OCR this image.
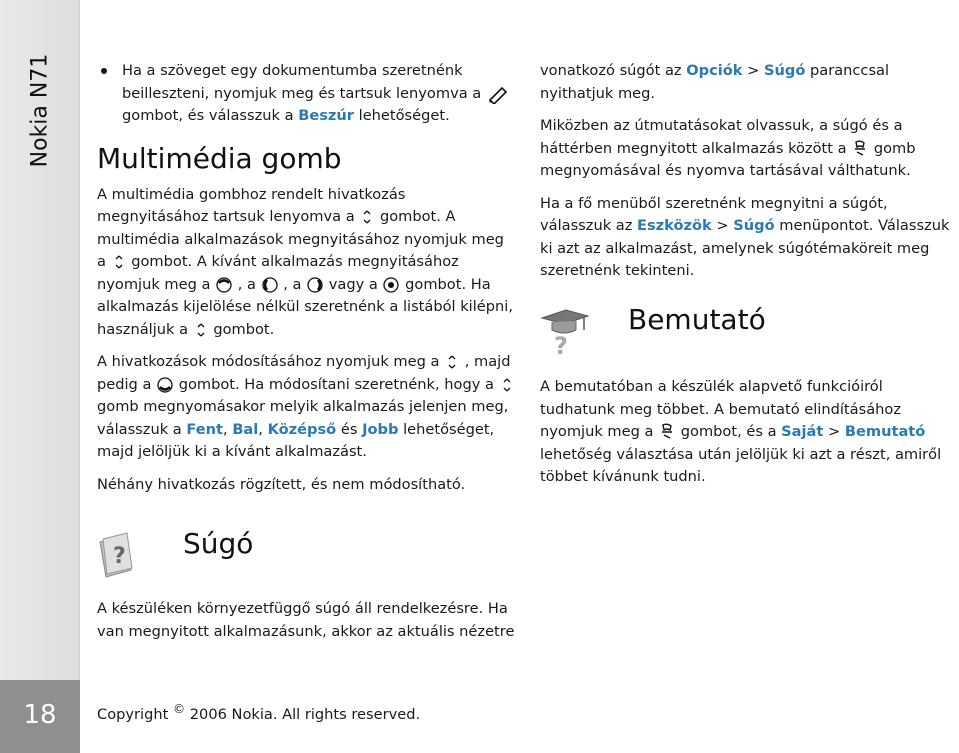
Nokia N71
18

Ha a szöveget egy dokumentumba szeretnénk beilleszteni, nyomjuk meg és tartsuk lenyomva a  gombot, és válasszuk a Beszúr lehetőséget.

Multimédia gomb

A multimédia gombhoz rendelt hivatkozás megnyitásához tartsuk lenyomva a gombot. A multimédia alkalmazások megnyitásához nyomjuk meg a gombot. A kívánt alkalmazás megnyitásához nyomjuk meg a , a , a vagy a gombot. Ha alkalmazás kijelölése nélkül szeretnénk a listából kilépni, használjuk a gombot.

A hivatkozások módosításához nyomjuk meg a , majd pedig a gombot. Ha módosítani szeretnénk, hogy a  gomb megnyomásakor melyik alkalmazás jelenjen meg, válasszuk a Fent, Bal, Középső és Jobb lehetőséget, majd jelöljük ki a kívánt alkalmazást.

Néhány hivatkozás rögzített, és nem módosítható.

? Súgó

A készüléken környezetfüggő súgó áll rendelkezésre. Ha van megnyitott alkalmazásunk, akkor az aktuális nézetre

vonatkozó súgót az Opciók > Súgó paranccsal nyithatjuk meg.

Miközben az útmutatásokat olvassuk, a súgó és a háttérben megnyitott alkalmazás között a gomb megnyomásával és nyomva tartásával válthatunk.

Ha a fő menüből szeretnénk megnyitni a súgót, válasszuk az Eszközök > Súgó menüpontot. Válasszuk ki azt az alkalmazást, amelynek súgótémaköreit meg szeretnénk tekinteni.

?
Bemutató

A bemutatóban a készülék alapvető funkcióiról tudhatunk meg többet. A bemutató elindításához nyomjuk meg a gombot, és a Saját > Bemutató lehetőség választása után jelöljük ki azt a részt, amiről többet kívánunk tudni.

Copyright © 2006 Nokia. All rights reserved.
